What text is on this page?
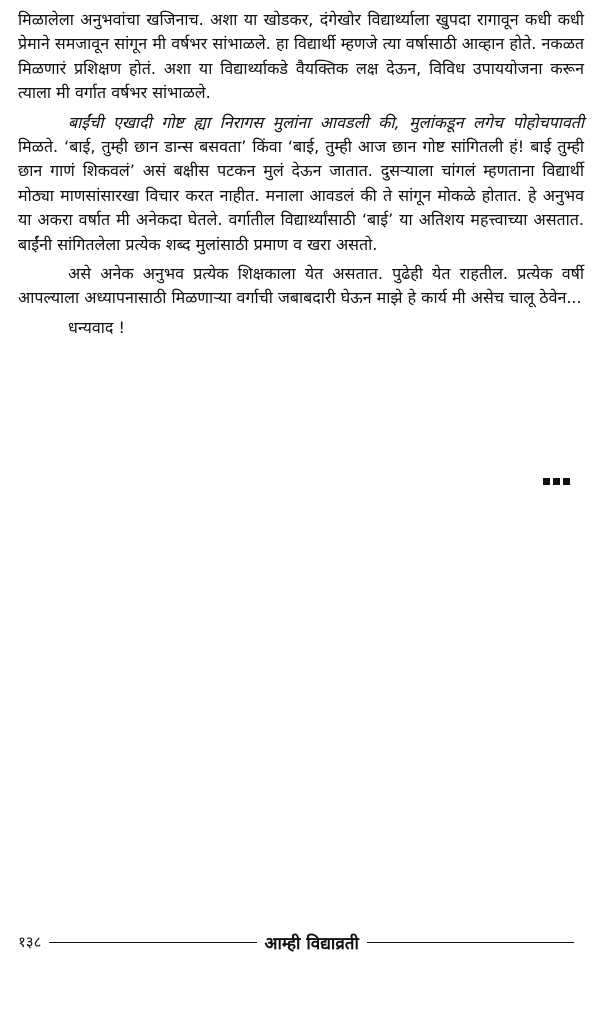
मिळालेला अनुभवांचा खजिनाच. अशा या खोडकर, दंगेखोर विद्यार्थ्याला खुपदा रागावून कधी कधी प्रेमाने समजावून सांगून मी वर्षभर सांभाळले. हा विद्यार्थी म्हणजे त्या वर्षासाठी आव्हान होते. नकळत मिळणारं प्रशिक्षण होतं. अशा या विद्यार्थ्याकडे वैयक्तिक लक्ष देऊन, विविध उपाययोजना करून त्याला मी वर्गात वर्षभर सांभाळले.

बाईंची एखादी गोष्ट ह्या निरागस मुलांना आवडली की, मुलांकडून लगेच पोहोचपावती मिळते. ‘बाई, तुम्ही छान डान्स बसवता’ किंवा ‘बाई, तुम्ही आज छान गोष्ट सांगितली हं! बाई तुम्ही छान गाणं शिकवलं’ असं बक्षीस पटकन मुलं देऊन जातात. दुसऱ्याला चांगलं म्हणताना विद्यार्थी मोठ्या माणसांसारखा विचार करत नाहीत. मनाला आवडलं की ते सांगून मोकळे होतात. हे अनुभव या अकरा वर्षात मी अनेकदा घेतले. वर्गातील विद्यार्थ्यांसाठी ‘बाई’ या अतिशय महत्त्वाच्या असतात. बाईंनी सांगितलेला प्रत्येक शब्द मुलांसाठी प्रमाण व खरा असतो.

असे अनेक अनुभव प्रत्येक शिक्षकाला येत असतात. पुढेही येत राहतील. प्रत्येक वर्षी आपल्याला अध्यापनासाठी मिळणाऱ्या वर्गाची जबाबदारी घेऊन माझे हे कार्य मी असेच चालू ठेवेन...

धन्यवाद !

१३८	आम्ही विद्याव्रती
